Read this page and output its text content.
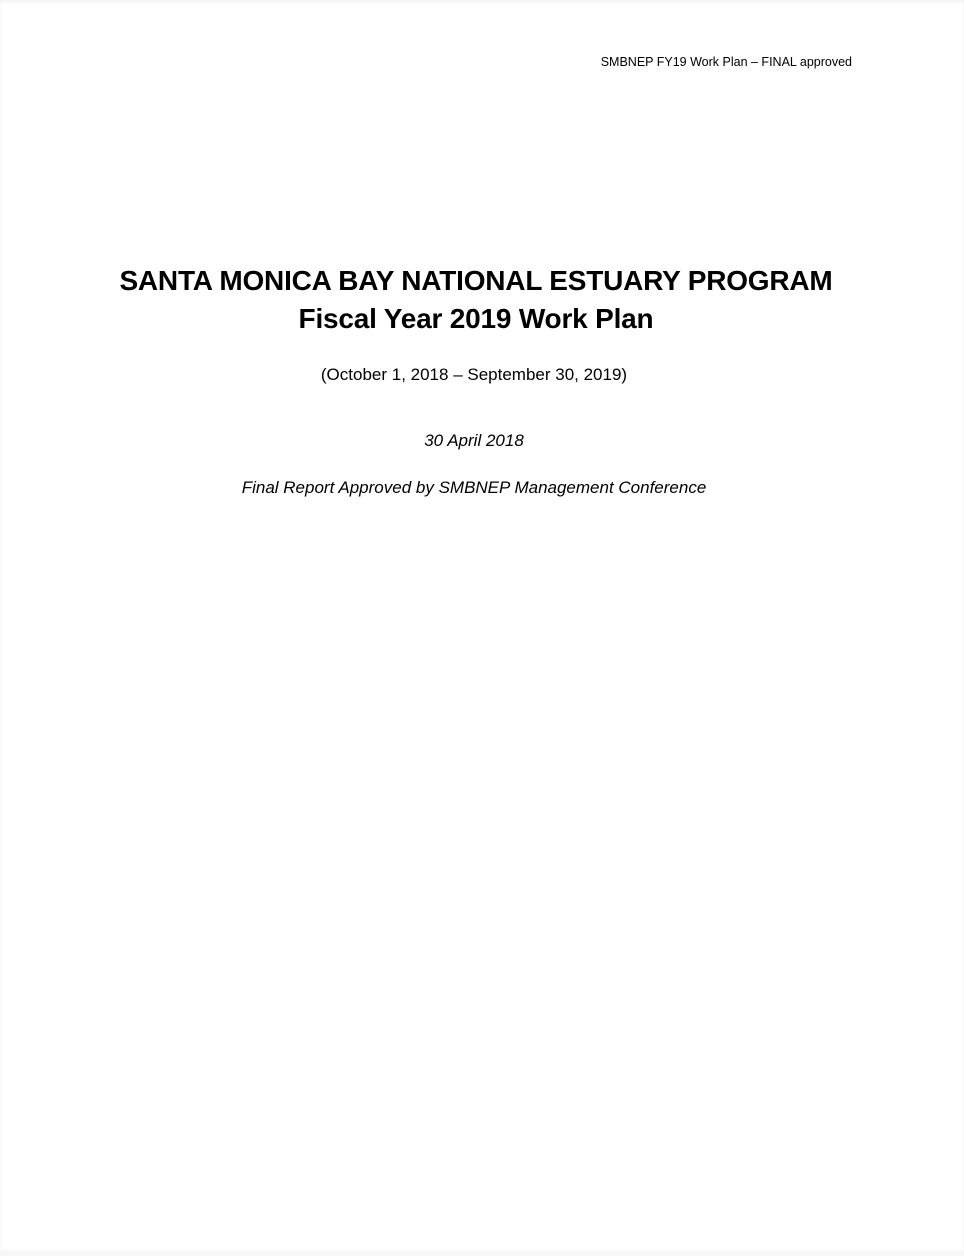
SMBNEP FY19 Work Plan – FINAL approved
SANTA MONICA BAY NATIONAL ESTUARY PROGRAM
Fiscal Year 2019 Work Plan
(October 1, 2018 – September 30, 2019)
30 April 2018
Final Report Approved by SMBNEP Management Conference
